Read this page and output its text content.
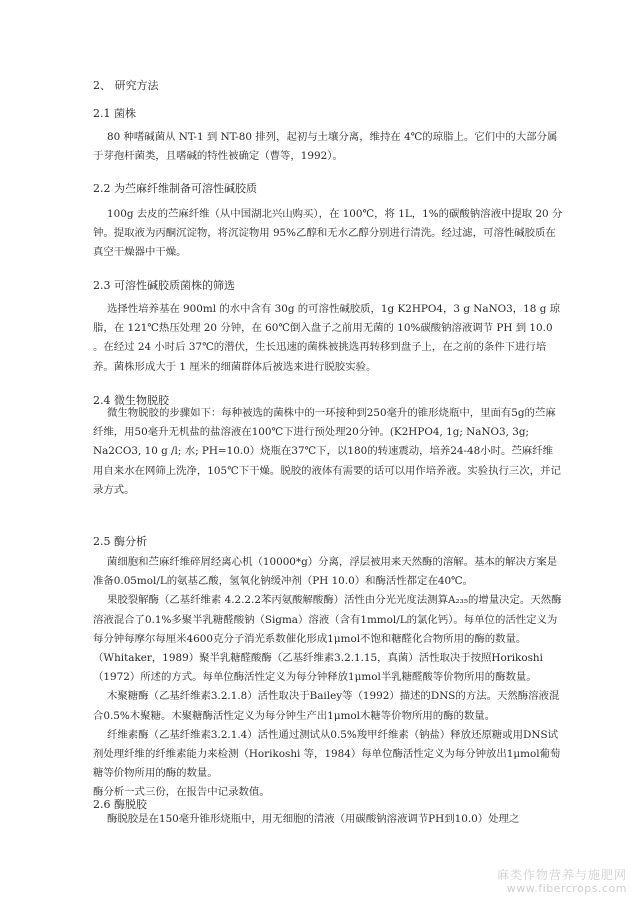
2、 研究方法
2.1 菌株

80 种嗜碱菌从 NT-1 到 NT-80 排列，起初与土壤分离，维持在 4℃的琼脂上。它们中的大部分属于芽孢杆菌类，且嗜碱的特性被确定（曹等，1992）。

2.2 为苎麻纤维制备可溶性碱胶质

100g 去皮的苎麻纤维（从中国湖北兴山购买），在 100℃，将 1L，1%的碳酸钠溶液中提取 20 分钟。提取液为丙酮沉淀物，将沉淀物用 95%乙醇和无水乙醇分别进行清洗。经过滤，可溶性碱胶质在真空干燥器中干燥。

2.3 可溶性碱胶质菌株的筛选

选择性培养基在 900ml 的水中含有 30g 的可溶性碱胶质，1g K2HPO4，3 g NaNO3，18 g 琼脂，在 121℃热压处理 20 分钟，在 60℃倒入盘子之前用无菌的 10%碳酸钠溶液调节 PH 到 10.0 。在经过 24 小时后 37℃的潜伏，生长迅速的菌株被挑选再转移到盘子上，在之前的条件下进行培养。菌株形成大于 1 厘米的细菌群体后被选来进行脱胶实验。

2.4 微生物脱胶

微生物脱胶的步骤如下：每种被选的菌株中的一环接种到250毫升的锥形烧瓶中，里面有5g的苎麻纤维，用50毫升无机盐的盐溶液在100℃下进行预处理20分钟。(K2HPO4, 1g; NaNO3, 3g; Na2CO3, 10 g /l; 水; PH=10.0）烧瓶在37℃下，以180的转速震动，培养24-48小时。苎麻纤维用自来水在网筛上洗净，105℃下干燥。脱胶的液体有需要的话可以用作培养液。实验执行三次，并记录方式。

2.5 酶分析

菌细胞和苎麻纤维碎屑经离心机（10000*g）分离，浮层被用来天然酶的溶解。基本的解决方案是准备0.05mol/L的氨基乙酸，氢氧化钠缓冲剂（PH 10.0）和酶活性都定在40℃。

果胶裂解酶（乙基纤维素 4.2.2.2苯丙氨酸解酸酶）活性由分光光度法测算A₂₃₅的增量决定。天然酶溶液混合了0.1%多聚半乳糖醛酸钠（Sigma）溶液（含有1mmol/L的氯化钙）。每单位的活性定义为每分钟每摩尔每厘米4600克分子消光系数催化形成1μmol不饱和糖醛化合物所用的酶的数量。（Whitaker，1989）聚半乳糖醛酸酶（乙基纤维素3.2.1.15，真菌）活性取决于按照Horikoshi（1972）所述的方式。每单位酶活性定义为每分钟释放1μmol半乳糖醛酸等价物所用的酶数量。

木聚糖酶（乙基纤维素3.2.1.8）活性取决于Bailey等（1992）描述的DNS的方法。天然酶溶液混合0.5%木聚糖。木聚糖酶活性定义为每分钟生产出1μmol木糖等价物所用的酶的数量。

纤维素酶（乙基纤维素3.2.1.4）活性通过测试从0.5%羧甲纤维素（钠盐）释放还原糖或用DNS试剂处理纤维的纤维素能力来检测（Horikoshi 等，1984）每单位酶活性定义为每分钟放出1μmol葡萄糖等价物所用的酶的数量。

酶分析一式三份，在报告中记录数值。

2.6 酶脱胶

酶脱胶是在150毫升锥形烧瓶中，用无细胞的清液（用碳酸钠溶液调节PH到10.0）处理之

麻类作物营养与施肥网
www.fibercrops.com
